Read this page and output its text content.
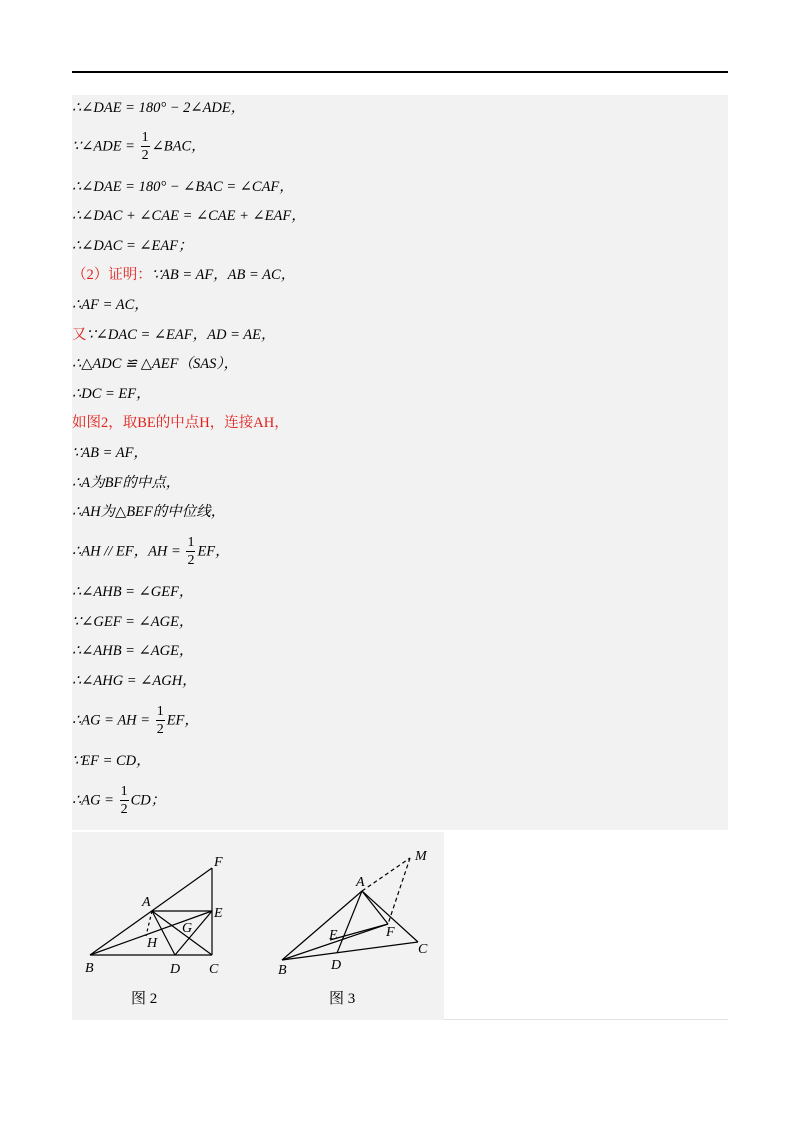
∴∠DAE = 180° − 2∠ADE，
∵∠ADE = $\frac{1}{2}$ ∠BAC，
∴∠DAE = 180° − ∠BAC = ∠CAF，
∴∠DAC + ∠CAE = ∠CAE + ∠EAF，
∴∠DAC = ∠EAF；
（2）证明：∵AB = AF，AB = AC，
∴AF = AC，
又∵∠DAC = ∠EAF，AD = AE，
∴△ADC ≌ △AEF（SAS），
∴DC = EF，
如图2，取BE的中点H，连接AH，
∵AB = AF，
∴A为BF的中点，
∴AH为△BEF的中位线，
∴AH // EF，AH = $\frac{1}{2}$ EF，
∴∠AHB = ∠GEF，
∵∠GEF = ∠AGE，
∴∠AHB = ∠AGE，
∴∠AHG = ∠AGH，
∴AG = AH = $\frac{1}{2}$ EF，
∵EF = CD，
∴AG = $\frac{1}{2}$ CD；
F
A
E
G
H
B	D C
图 2
M
A
E	F
C
B	D
图 3
